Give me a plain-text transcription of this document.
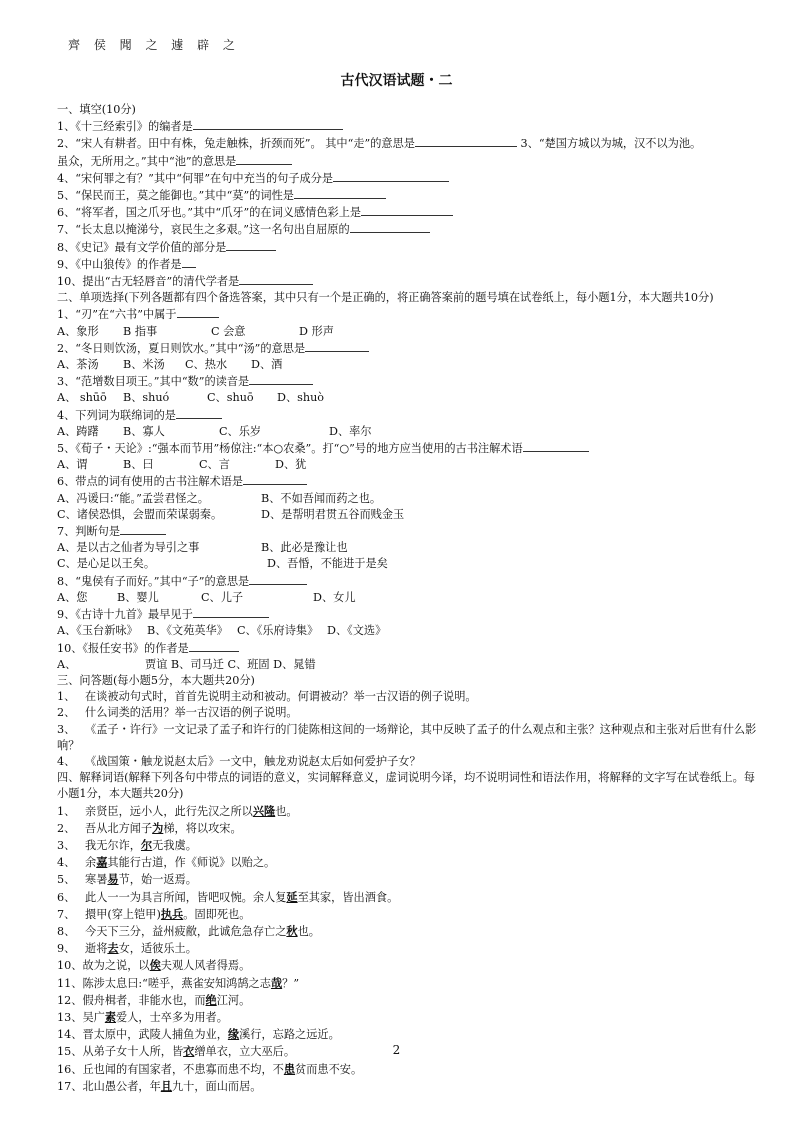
齊 侯 聞 之 遽 辟 之
古代汉语试题・二
一、填空(10分)
1、《十三经索引》的编者是
2、“宋人有耕者。田中有株，兔走触株，折颈而死”。 其中“走”的意思是	3、“楚国方城以为城，汉不以为池。
虽众，无所用之。”其中“池”的意思是
4、“宋何罪之有？”其中“何罪”在句中充当的句子成分是
5、“保民而王，莫之能御也。”其中“莫”的词性是
6、“将军者，国之爪牙也。”其中“爪牙”的在词义感情色彩上是
7、“长太息以掩涕兮，哀民生之多艰。”这一名句出自屈原的
8、《史记》最有文学价值的部分是
9、《中山狼传》的作者是
10、提出“古无轻唇音”的清代学者是
二、单项选择(下列各题都有四个备选答案，其中只有一个是正确的，将正确答案前的题号填在试卷纸上，每小题1分，本大题共10分)
1、“刃”在“六书”中属于
A、象形 B 指事	C 会意	D 形声
2、“冬日则饮汤，夏日则饮水。”其中“汤”的意思是
A、茶汤 B、米汤 C、热水 D、酒
3、“范增数目项王。”其中“数”的读音是
A、 shūō B、shuó	C、shuō D、shuò
4、下列词为联绵词的是
A、踌躇 B、寡人	C、乐岁	D、率尔
5、《荀子・天论》:“强本而节用”杨倞注:“本○农桑”。打“○”号的地方应当使用的古书注解术语
A、谓	B、曰	C、言	D、犹
6、带点的词有使用的古书注解术语是
A、冯谖曰:“能。”孟尝君怪之。	B、不如吾闻而药之也。
C、诸侯恐惧，会盟而荣谋弱秦。	D、是帮明君贯五谷而贱金玉
7、判断句是
A、是以古之仙者为导引之事	B、此必是豫让也
C、是心足以王矣。	D、吾惛，不能进于是矣
8、“鬼侯有子而好。”其中“子”的意思是
A、您	B、婴儿	C、儿子	D、女儿
9、《古诗十九首》最早见于
A、《玉台新咏》 B、《文苑英华》 C、《乐府诗集》 D、《文选》
10、《报任安书》的作者是
A、	贾谊 B、司马迁 C、班固 D、晁错
三、问答题(每小题5分，本大题共20分)
1、 在谈被动句式时，首首先说明主动和被动。何谓被动？举一古汉语的例子说明。
2、 什么词类的活用？举一古汉语的例子说明。
3、 《孟子・许行》一文记录了孟子和许行的门徒陈相这间的一场辩论，其中反映了孟子的什么观点和主张？这种观点和主张对后世有什么影响？
4、 《战国策・触龙说赵太后》一文中，触龙劝说赵太后如何爱护子女？
四、解释词语(解释下列各句中带点的词语的意义，实词解释意义，虚词说明今译，均不说明词性和语法作用，将解释的文字写在试卷纸上。每小题1分，本大题共20分)
1、 亲贤臣，远小人，此行先汉之所以兴隆也。
2、 吾从北方闻子为梯，将以攻宋。
3、 我无尔诈，尔无我虞。
4、 余嘉其能行古道，作《师说》以贻之。
5、 寒暑易节，始一返焉。
6、 此人一一为具言所闻，皆吧叹惋。余人复延至其家，皆出酒食。
7、 擐甲(穿上铠甲)执兵。固即死也。
8、 今天下三分，益州疲敝，此诚危急存亡之秋也。
9、 逝将去女，适彼乐土。
10、故为之说，以俟夫观人风者得焉。
11、陈涉太息曰:“嗟乎，燕雀安知鸿鹄之志哉？”
12、假舟楫者，非能水也，而绝江河。
13、吴广素爱人，士卒多为用者。
14、晋太原中，武陵人捕鱼为业，缘溪行，忘路之远近。
15、从弟子女十人所，皆衣缯单衣，立大巫后。
16、丘也闻的有国家者，不患寡而患不均，不患贫而患不安。
17、北山愚公者，年且九十，面山而居。
2
